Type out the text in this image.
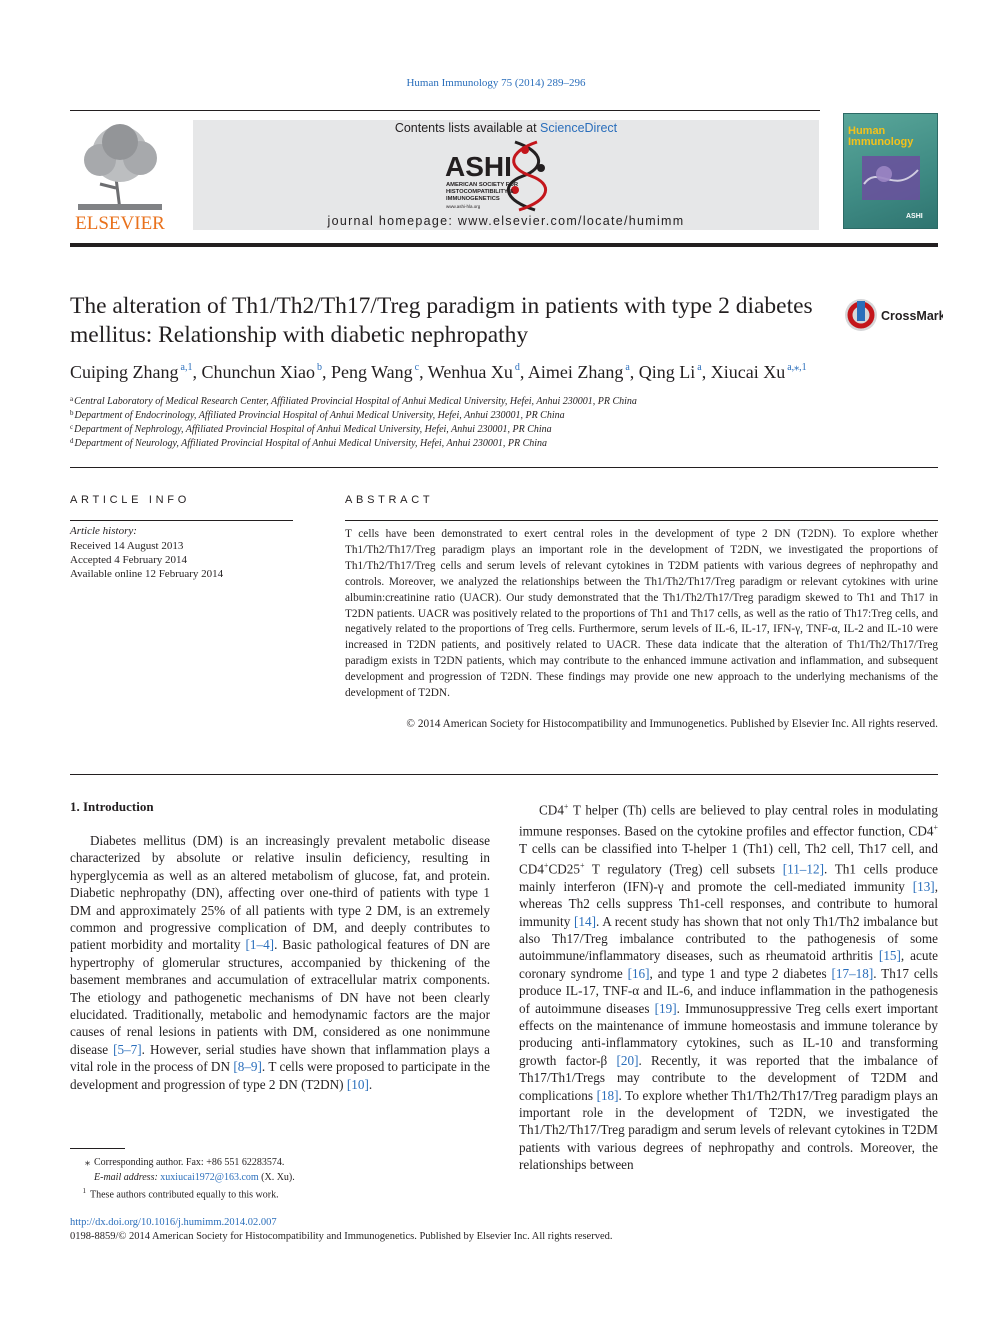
Human Immunology 75 (2014) 289–296
ELSEVIER
Contents lists available at ScienceDirect
ASHI
AMERICAN SOCIETY FOR
HISTOCOMPATIBILITY &
IMMUNOGENETICS
www.ashi-hla.org
journal homepage: www.elsevier.com/locate/humimm	ASHI
Human
Immunology
The alteration of Th1/Th2/Th17/Treg paradigm in patients with type 2 diabetes mellitus: Relationship with diabetic nephropathy
CrossMark
Cuiping Zhang $^{a,1}$, Chunchun Xiao $^b$, Peng Wang $^c$, Wenhua Xu $^d$, Aimei Zhang $^a$, Qing Li $^a$, Xiucai Xu $^{a,⁎,1}$
$^a$Central Laboratory of Medical Research Center, Affiliated Provincial Hospital of Anhui Medical University, Hefei, Anhui 230001, PR China
$^b$Department of Endocrinology, Affiliated Provincial Hospital of Anhui Medical University, Hefei, Anhui 230001, PR China
$^c$Department of Nephrology, Affiliated Provincial Hospital of Anhui Medical University, Hefei, Anhui 230001, PR China
$^d$Department of Neurology, Affiliated Provincial Hospital of Anhui Medical University, Hefei, Anhui 230001, PR China
ARTICLE INFO
Article history:
Received 14 August 2013
Accepted 4 February 2014
Available online 12 February 2014
ABSTRACT
T cells have been demonstrated to exert central roles in the development of type 2 DN (T2DN). To explore whether Th1/Th2/Th17/Treg paradigm plays an important role in the development of T2DN, we investigated the proportions of Th1/Th2/Th17/Treg cells and serum levels of relevant cytokines in T2DM patients with various degrees of nephropathy and controls. Moreover, we analyzed the relationships between the Th1/Th2/Th17/Treg paradigm or relevant cytokines with urine albumin:creatinine ratio (UACR). Our study demonstrated that the Th1/Th2/Th17/Treg paradigm skewed to Th1 and Th17 in T2DN patients. UACR was positively related to the proportions of Th1 and Th17 cells, as well as the ratio of Th17:Treg cells, and negatively related to the proportions of Treg cells. Furthermore, serum levels of IL-6, IL-17, IFN-γ, TNF-α, IL-2 and IL-10 were increased in T2DN patients, and positively related to UACR. These data indicate that the alteration of Th1/Th2/Th17/Treg paradigm exists in T2DN patients, which may contribute to the enhanced immune activation and inflammation, and subsequent development and progression of T2DN. These findings may provide one new approach to the underlying mechanisms of the development of T2DN.
© 2014 American Society for Histocompatibility and Immunogenetics. Published by Elsevier Inc. All rights reserved.
1. Introduction

Diabetes mellitus (DM) is an increasingly prevalent metabolic disease characterized by absolute or relative insulin deficiency, resulting in hyperglycemia as well as an altered metabolism of glucose, fat, and protein. Diabetic nephropathy (DN), affecting over one-third of patients with type 1 DM and approximately 25% of all patients with type 2 DM, is an extremely common and progressive complication of DM, and deeply contributes to patient morbidity and mortality [1–4]. Basic pathological features of DN are hypertrophy of glomerular structures, accompanied by thickening of the basement membranes and accumulation of extracellular matrix components. The etiology and pathogenetic mechanisms of DN have not been clearly elucidated. Traditionally, metabolic and hemodynamic factors are the major causes of renal lesions in patients with DM, considered as one nonimmune disease [5–7]. However, serial studies have shown that inflammation plays a vital role in the process of DN [8–9]. T cells were proposed to participate in the development and progression of type 2 DN (T2DN) [10].

CD4+ T helper (Th) cells are believed to play central roles in modulating immune responses. Based on the cytokine profiles and effector function, CD4+ T cells can be classified into T-helper 1 (Th1) cell, Th2 cell, Th17 cell, and CD4+CD25+ T regulatory (Treg) cell subsets [11–12]. Th1 cells produce mainly interferon (IFN)-γ and promote the cell-mediated immunity [13], whereas Th2 cells suppress Th1-cell responses, and contribute to humoral immunity [14]. A recent study has shown that not only Th1/Th2 imbalance but also Th17/Treg imbalance contributed to the pathogenesis of some autoimmune/inflammatory diseases, such as rheumatoid arthritis [15], acute coronary syndrome [16], and type 1 and type 2 diabetes [17–18]. Th17 cells produce IL-17, TNF-α and IL-6, and induce inflammation in the pathogenesis of autoimmune diseases [19]. Immunosuppressive Treg cells exert important effects on the maintenance of immune homeostasis and immune tolerance by producing anti-inflammatory cytokines, such as IL-10 and transforming growth factor-β [20]. Recently, it was reported that the imbalance of Th17/Th1/Tregs may contribute to the development of T2DM and complications [18]. To explore whether Th1/Th2/Th17/Treg paradigm plays an important role in the development of T2DN, we investigated the Th1/Th2/Th17/Treg paradigm and serum levels of relevant cytokines in T2DM patients with various degrees of nephropathy and controls. Moreover, the relationships between

⁎ Corresponding author. Fax: +86 551 62283574.
E-mail address: xuxiucai1972@163.com (X. Xu).
$^1$ These authors contributed equally to this work.
http://dx.doi.org/10.1016/j.humimm.2014.02.007
0198-8859/© 2014 American Society for Histocompatibility and Immunogenetics. Published by Elsevier Inc. All rights reserved.
